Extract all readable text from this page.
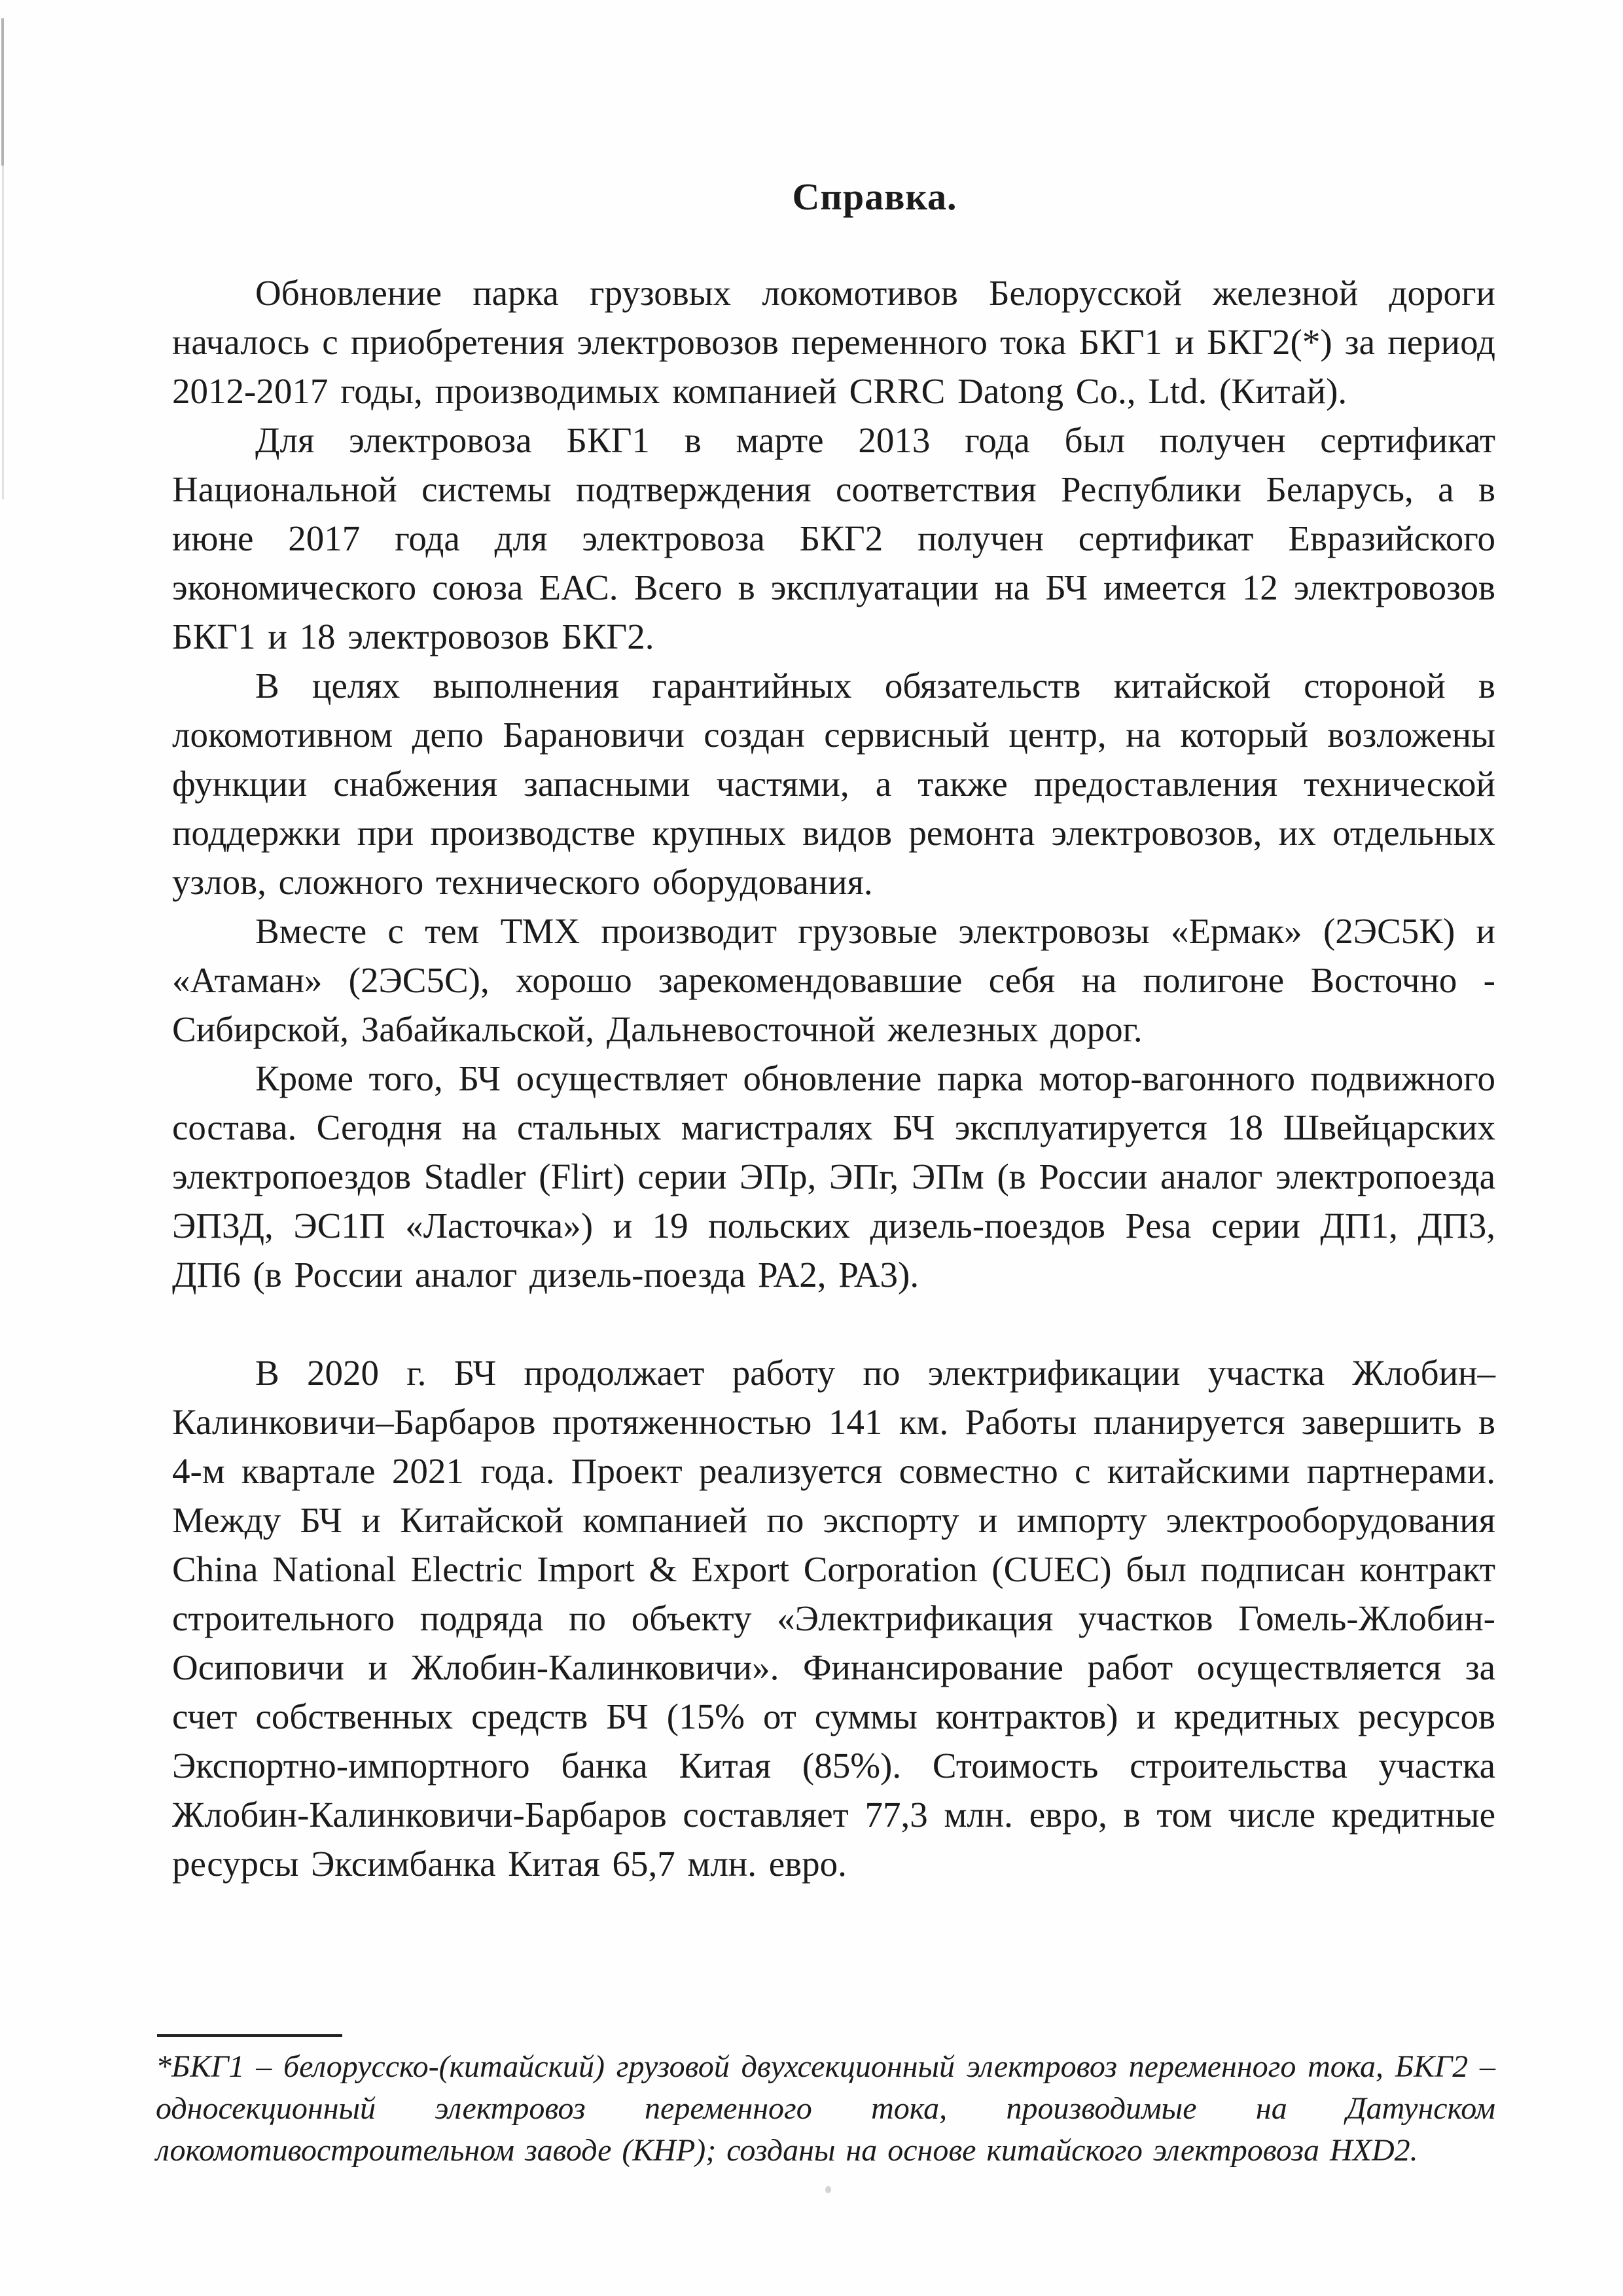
Справка.

Обновление парка грузовых локомотивов Белорусской железной дороги началось с приобретения электровозов переменного тока БКГ1 и БКГ2(*) за период 2012-2017 годы, производимых компанией CRRC Datong Co., Ltd. (Китай).

Для электровоза БКГ1 в марте 2013 года был получен сертификат Национальной системы подтверждения соответствия Республики Беларусь, а в июне 2017 года для электровоза БКГ2 получен сертификат Евразийского экономического союза ЕАС. Всего в эксплуатации на БЧ имеется 12 электровозов БКГ1 и 18 электровозов БКГ2.

В целях выполнения гарантийных обязательств китайской стороной в локомотивном депо Барановичи создан сервисный центр, на который возложены функции снабжения запасными частями, а также предоставления технической поддержки при производстве крупных видов ремонта электровозов, их отдельных узлов, сложного технического оборудования.

Вместе с тем ТМХ производит грузовые электровозы «Ермак» (2ЭС5К) и «Атаман» (2ЭС5С), хорошо зарекомендовавшие себя на полигоне Восточно - Сибирской, Забайкальской, Дальневосточной железных дорог.

Кроме того, БЧ осуществляет обновление парка мотор-вагонного подвижного состава. Сегодня на стальных магистралях БЧ эксплуатируется 18 Швейцарских электропоездов Stadler (Flirt) серии ЭПр, ЭПг, ЭПм (в России аналог электропоезда ЭП3Д, ЭС1П «Ласточка») и 19 польских дизель-поездов Pesa серии ДП1, ДП3, ДП6 (в России аналог дизель-поезда РА2, РА3).

В 2020 г. БЧ продолжает работу по электрификации участка Жлобин–Калинковичи–Барбаров протяженностью 141 км. Работы планируется завершить в 4-м квартале 2021 года. Проект реализуется совместно с китайскими партнерами. Между БЧ и Китайской компанией по экспорту и импорту электрооборудования China National Electric Import & Export Corporation (CUEC) был подписан контракт строительного подряда по объекту «Электрификация участков Гомель-Жлобин-Осиповичи и Жлобин-Калинковичи». Финансирование работ осуществляется за счет собственных средств БЧ (15% от суммы контрактов) и кредитных ресурсов Экспортно-импортного банка Китая (85%). Стоимость строительства участка Жлобин-Калинковичи-Барбаров составляет 77,3 млн. евро, в том числе кредитные ресурсы Эксимбанка Китая 65,7 млн. евро.

*БКГ1 – белорусско-(китайский) грузовой двухсекционный электровоз переменного тока, БКГ2 – односекционный электровоз переменного тока, производимые на Датунском локомотивостроительном заводе (КНР); созданы на основе китайского электровоза HXD2.
